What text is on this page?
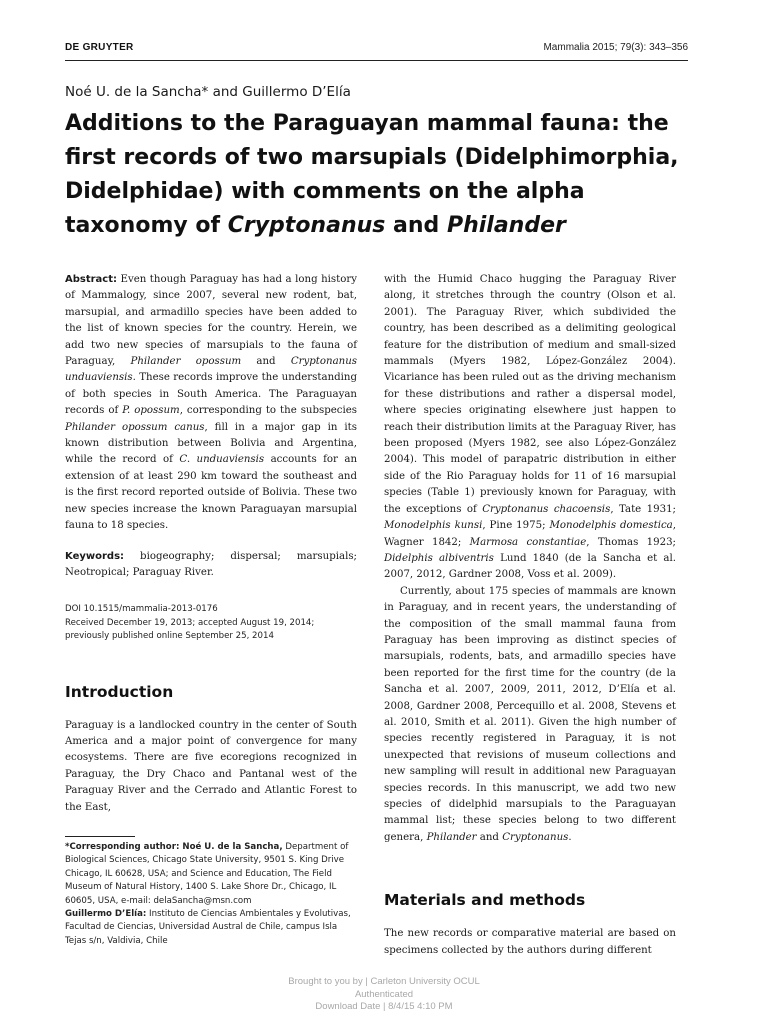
DE GRUYTER	Mammalia 2015; 79(3): 343–356
Noé U. de la Sancha* and Guillermo D’Elía
Additions to the Paraguayan mammal fauna: the
first records of two marsupials (Didelphimorphia,
Didelphidae) with comments on the alpha
taxonomy of Cryptonanus and Philander

Abstract: Even though Paraguay has had a long history of Mammalogy, since 2007, several new rodent, bat, marsupial, and armadillo species have been added to the list of known species for the country. Herein, we add two new species of marsupials to the fauna of Paraguay, Philander opossum and Cryptonanus unduaviensis. These records improve the understanding of both species in South America. The Paraguayan records of P. opossum, corresponding to the subspecies Philander opossum canus, fill in a major gap in its known distribution between Bolivia and Argentina, while the record of C. unduaviensis accounts for an extension of at least 290 km toward the southeast and is the first record reported outside of Bolivia. These two new species increase the known Paraguayan marsupial fauna to 18 species.

Keywords: biogeography; dispersal; marsupials; Neotropical; Paraguay River.

DOI 10.1515/mammalia-2013-0176
Received December 19, 2013; accepted August 19, 2014; previously published online September 25, 2014
Introduction

Paraguay is a landlocked country in the center of South America and a major point of convergence for many ecosystems. There are five ecoregions recognized in Paraguay, the Dry Chaco and Pantanal west of the Paraguay River and the Cerrado and Atlantic Forest to the East,

*Corresponding author: Noé U. de la Sancha, Department of Biological Sciences, Chicago State University, 9501 S. King Drive Chicago, IL 60628, USA; and Science and Education, The Field Museum of Natural History, 1400 S. Lake Shore Dr., Chicago, IL 60605, USA, e-mail: delaSancha@msn.com
Guillermo D’Elía: Instituto de Ciencias Ambientales y Evolutivas, Facultad de Ciencias, Universidad Austral de Chile, campus Isla Tejas s/n, Valdivia, Chile

with the Humid Chaco hugging the Paraguay River along, it stretches through the country (Olson et al. 2001). The Paraguay River, which subdivided the country, has been described as a delimiting geological feature for the distribution of medium and small-sized mammals (Myers 1982, López-González 2004). Vicariance has been ruled out as the driving mechanism for these distributions and rather a dispersal model, where species originating elsewhere just happen to reach their distribution limits at the Paraguay River, has been proposed (Myers 1982, see also López-González 2004). This model of parapatric distribution in either side of the Rio Paraguay holds for 11 of 16 marsupial species (Table 1) previously known for Paraguay, with the exceptions of Cryptonanus chacoensis, Tate 1931; Monodelphis kunsi, Pine 1975; Monodelphis domestica, Wagner 1842; Marmosa constantiae, Thomas 1923; Didelphis albiventris Lund 1840 (de la Sancha et al. 2007, 2012, Gardner 2008, Voss et al. 2009).

Currently, about 175 species of mammals are known in Paraguay, and in recent years, the understanding of the composition of the small mammal fauna from Paraguay has been improving as distinct species of marsupials, rodents, bats, and armadillo species have been reported for the first time for the country (de la Sancha et al. 2007, 2009, 2011, 2012, D’Elía et al. 2008, Gardner 2008, Percequillo et al. 2008, Stevens et al. 2010, Smith et al. 2011). Given the high number of species recently registered in Paraguay, it is not unexpected that revisions of museum collections and new sampling will result in additional new Paraguayan species records. In this manuscript, we add two new species of didelphid marsupials to the Paraguayan mammal list; these species belong to two different genera, Philander and Cryptonanus.

Materials and methods

The new records or comparative material are based on specimens collected by the authors during different

Brought to you by | Carleton University OCUL
Authenticated
Download Date | 8/4/15 4:10 PM
